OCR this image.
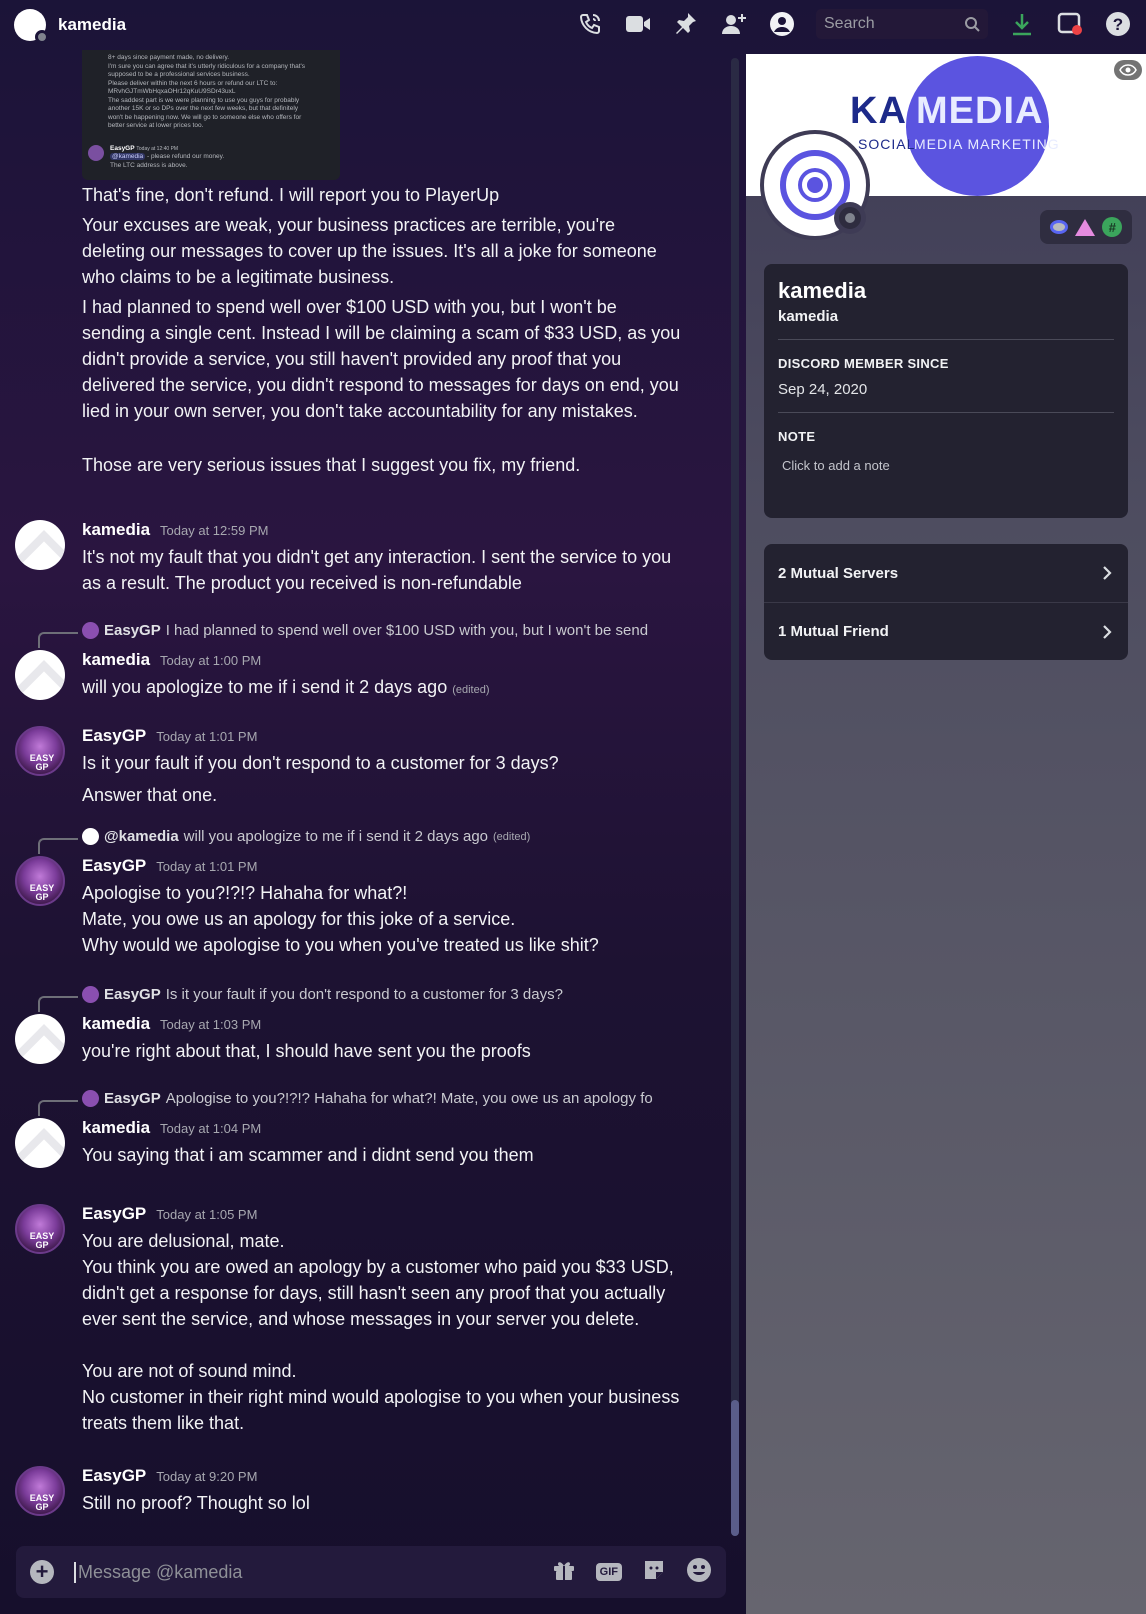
kamedia	Search	?
8+ days since payment made, no delivery.
I'm sure you can agree that it's utterly ridiculous for a company that's
supposed to be a professional services business.
Please deliver within the next 6 hours or refund our LTC to:
MRvhGJTmWbHqxaOHr12qKuU9SDr43uxL
The saddest part is we were planning to use you guys for probably
another 15K or so DPs over the next few weeks, but that definitely
won't be happening now. We will go to someone else who offers for
better service at lower prices too.
EasyGP Today at 12:40 PM
@kamedia - please refund our money.
The LTC address is above.
That's fine, don't refund. I will report you to PlayerUp
Your excuses are weak, your business practices are terrible, you're deleting our messages to cover up the issues. It's all a joke for someone who claims to be a legitimate business.
I had planned to spend well over $100 USD with you, but I won't be sending a single cent. Instead I will be claiming a scam of $33 USD, as you didn't provide a service, you still haven't provided any proof that you delivered the service, you didn't respond to messages for days on end, you lied in your own server, you don't take accountability for any mistakes.
Those are very serious issues that I suggest you fix, my friend.
kamedia Today at 12:59 PM
It's not my fault that you didn't get any interaction. I sent the service to you as a result. The product you received is non-refundable
EasyGP I had planned to spend well over $100 USD with you, but I won't be send
kamedia Today at 1:00 PM
will you apologize to me if i send it 2 days ago (edited)
EASY GP
EasyGP Today at 1:01 PM
Is it your fault if you don't respond to a customer for 3 days?
Answer that one.
@kamedia will you apologize to me if i send it 2 days ago (edited)
EASY GP
EasyGP Today at 1:01 PM
Apologise to you?!?!? Hahaha for what?!
Mate, you owe us an apology for this joke of a service.
Why would we apologise to you when you've treated us like shit?
EasyGP Is it your fault if you don't respond to a customer for 3 days?
kamedia Today at 1:03 PM
you're right about that, I should have sent you the proofs
EasyGP Apologise to you?!?!? Hahaha for what?! Mate, you owe us an apology fo
kamedia Today at 1:04 PM
You saying that i am scammer and i didnt send you them
EASY GP
EasyGP Today at 1:05 PM
You are delusional, mate.
You think you are owed an apology by a customer who paid you $33 USD, didn't get a response for days, still hasn't seen any proof that you actually ever sent the service, and whose messages in your server you delete.
You are not of sound mind.
No customer in their right mind would apologise to you when your business treats them like that.
EASY GP
EasyGP Today at 9:20 PM
Still no proof? Thought so lol
+	Message @kamedia	GIF
KA MEDIA
SOCIAL
MEDIA MARKETING
#
kamedia
kamedia
DISCORD MEMBER SINCE
Sep 24, 2020
NOTE
Click to add a note
2 Mutual Servers
1 Mutual Friend
